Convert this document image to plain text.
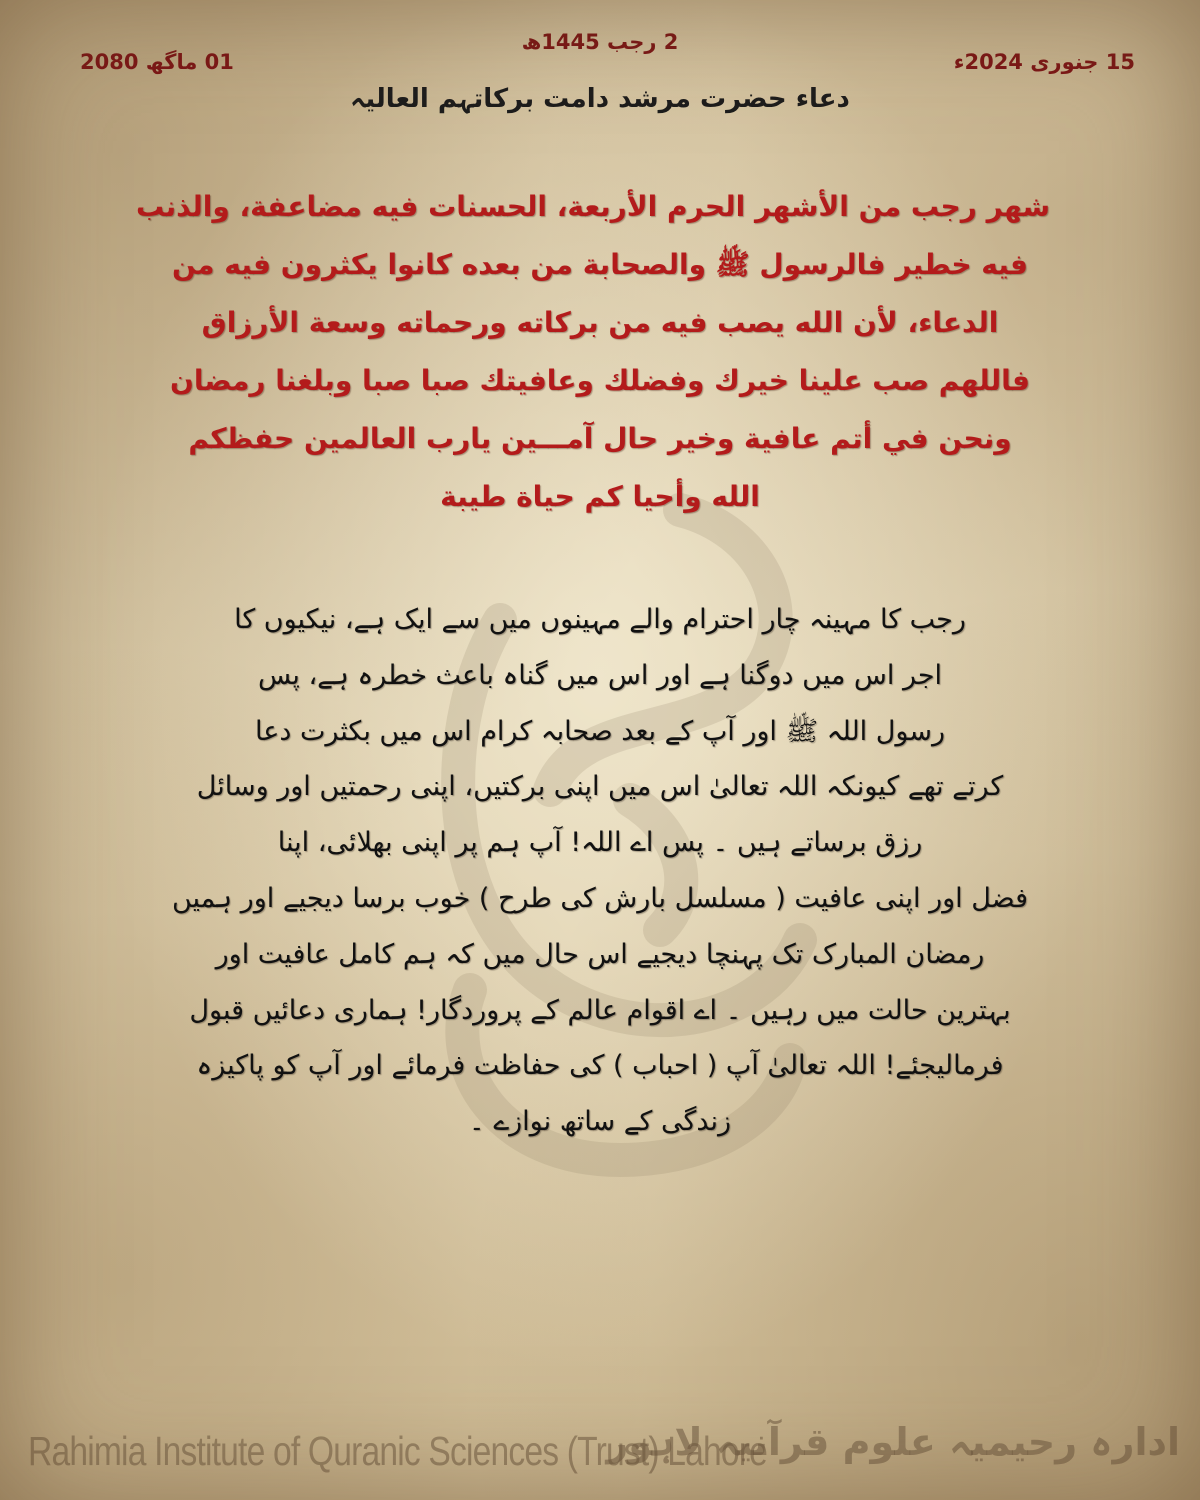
15 جنوری 2024ء
2 رجب 1445ھ
01 ماگھ 2080
دعاء حضرت مرشد دامت برکاتہم العالیہ
شهر رجب من الأشهر الحرم الأربعة، الحسنات فيه مضاعفة، والذنب
فيه خطير فالرسول ﷺ والصحابة من بعده كانوا يكثرون فيه من
الدعاء، لأن الله يصب فيه من بركاته ورحماته وسعة الأرزاق
فاللهم صب علينا خيرك وفضلك وعافيتك صبا صبا وبلغنا رمضان
ونحن في أتم عافية وخير حال آمـــين يارب العالمين حفظكم
الله وأحيا كم حياة طيبة
رجب کا مہینہ چار احترام والے مہینوں میں سے ایک ہے، نیکیوں کا
اجر اس میں دوگنا ہے اور اس میں گناہ باعث خطرہ ہے، پس
رسول اللہ ﷺ اور آپ کے بعد صحابہ کرام اس میں بکثرت دعا
کرتے تھے کیونکہ اللہ تعالیٰ اس میں اپنی برکتیں، اپنی رحمتیں اور وسائل
رزق برساتے ہیں ۔ پس اے اللہ! آپ ہم پر اپنی بھلائی، اپنا
فضل اور اپنی عافیت ( مسلسل بارش کی طرح ) خوب برسا دیجیے اور ہمیں
رمضان المبارک تک پہنچا دیجیے اس حال میں کہ ہم کامل عافیت اور
بہترین حالت میں رہیں ۔ اے اقوام عالم کے پروردگار! ہماری دعائیں قبول
فرمالیجئے! اللہ تعالیٰ آپ ( احباب ) کی حفاظت فرمائے اور آپ کو پاکیزہ
زندگی کے ساتھ نوازے ۔
Rahimia Institute of Quranic Sciences (Trust) Lahore
ادارہ رحیمیہ علوم قرآنیہ لاہور
